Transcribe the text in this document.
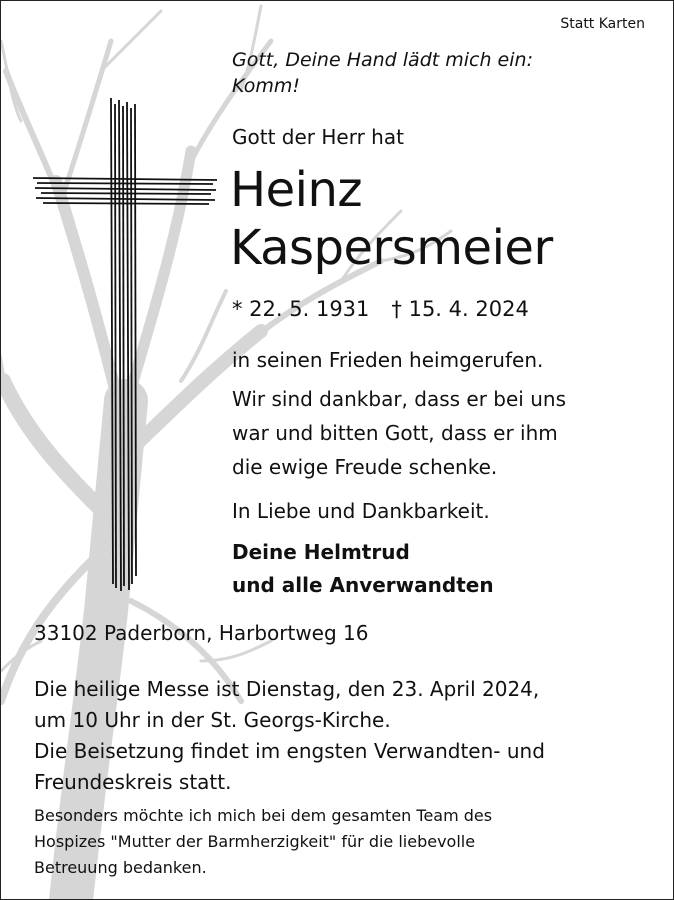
Statt Karten
Gott, Deine Hand lädt mich ein:
Komm!
Gott der Herr hat
Heinz
Kaspersmeier
* 22. 5. 1931 † 15. 4. 2024
in seinen Frieden heimgerufen.
Wir sind dankbar, dass er bei uns
war und bitten Gott, dass er ihm
die ewige Freude schenke.
In Liebe und Dankbarkeit.
Deine Helmtrud
und alle Anverwandten
33102 Paderborn, Harbortweg 16
Die heilige Messe ist Dienstag, den 23. April 2024,
um 10 Uhr in der St. Georgs-Kirche.
Die Beisetzung findet im engsten Verwandten- und
Freundeskreis statt.
Besonders möchte ich mich bei dem gesamten Team des
Hospizes "Mutter der Barmherzigkeit" für die liebevolle
Betreuung bedanken.
